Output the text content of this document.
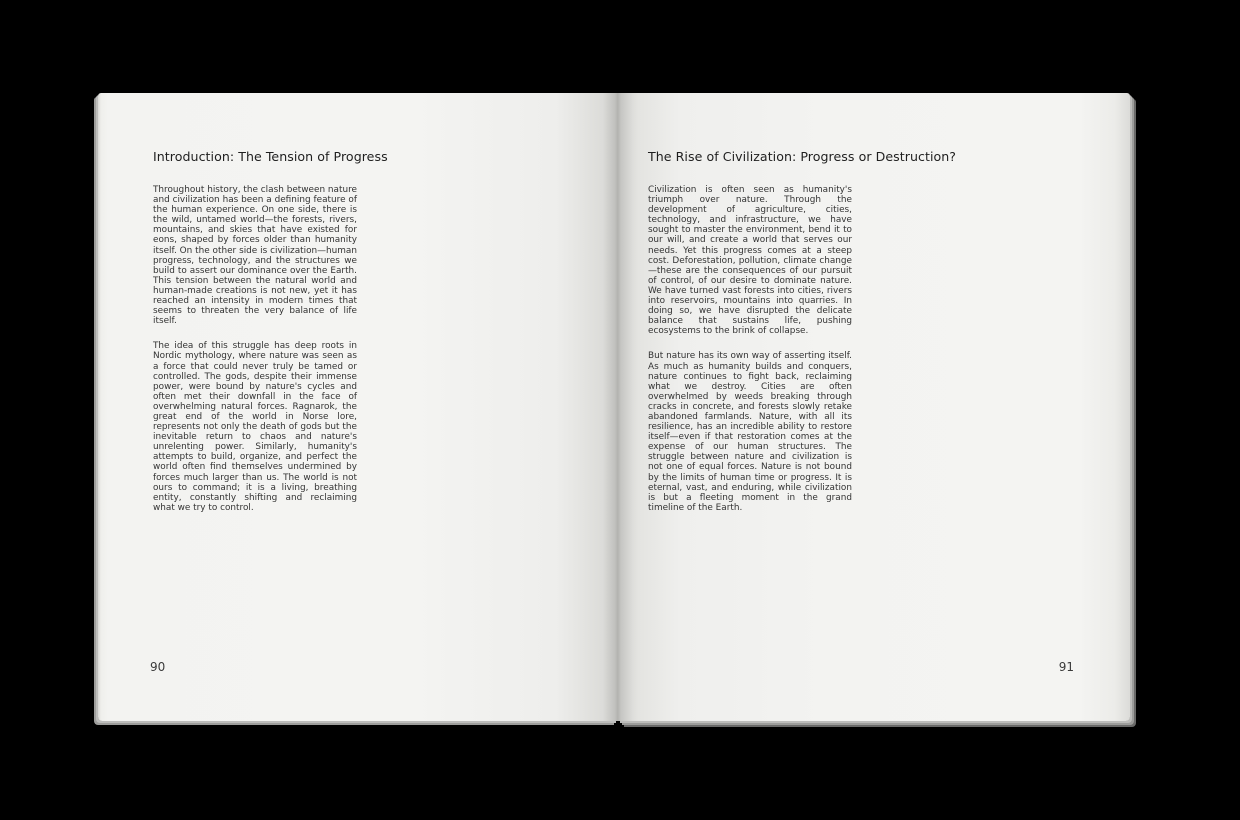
Introduction: The Tension of Progress

Throughout history, the clash between nature and civilization has been a defining feature of the human experience. On one side, there is the wild, untamed world—the forests, rivers, mountains, and skies that have existed for eons, shaped by forces older than humanity itself. On the other side is civilization—human progress, technology, and the structures we build to assert our dominance over the Earth. This tension between the natural world and human-made creations is not new, yet it has reached an intensity in modern times that seems to threaten the very balance of life itself.

The idea of this struggle has deep roots in Nordic mythology, where nature was seen as a force that could never truly be tamed or controlled. The gods, despite their immense power, were bound by nature's cycles and often met their downfall in the face of overwhelming natural forces. Ragnarok, the great end of the world in Norse lore, represents not only the death of gods but the inevitable return to chaos and nature's unrelenting power. Similarly, humanity's attempts to build, organize, and perfect the world often find themselves undermined by forces much larger than us. The world is not ours to command; it is a living, breathing entity, constantly shifting and reclaiming what we try to control.

90
The Rise of Civilization: Progress or Destruction?

Civilization is often seen as humanity's triumph over nature. Through the development of agriculture, cities, technology, and infrastructure, we have sought to master the environment, bend it to our will, and create a world that serves our needs. Yet this progress comes at a steep cost. Deforestation, pollution, climate change—these are the consequences of our pursuit of control, of our desire to dominate nature. We have turned vast forests into cities, rivers into reservoirs, mountains into quarries. In doing so, we have disrupted the delicate balance that sustains life, pushing ecosystems to the brink of collapse.

But nature has its own way of asserting itself. As much as humanity builds and conquers, nature continues to fight back, reclaiming what we destroy. Cities are often overwhelmed by weeds breaking through cracks in concrete, and forests slowly retake abandoned farmlands. Nature, with all its resilience, has an incredible ability to restore itself—even if that restoration comes at the expense of our human structures. The struggle between nature and civilization is not one of equal forces. Nature is not bound by the limits of human time or progress. It is eternal, vast, and enduring, while civilization is but a fleeting moment in the grand timeline of the Earth.

91
